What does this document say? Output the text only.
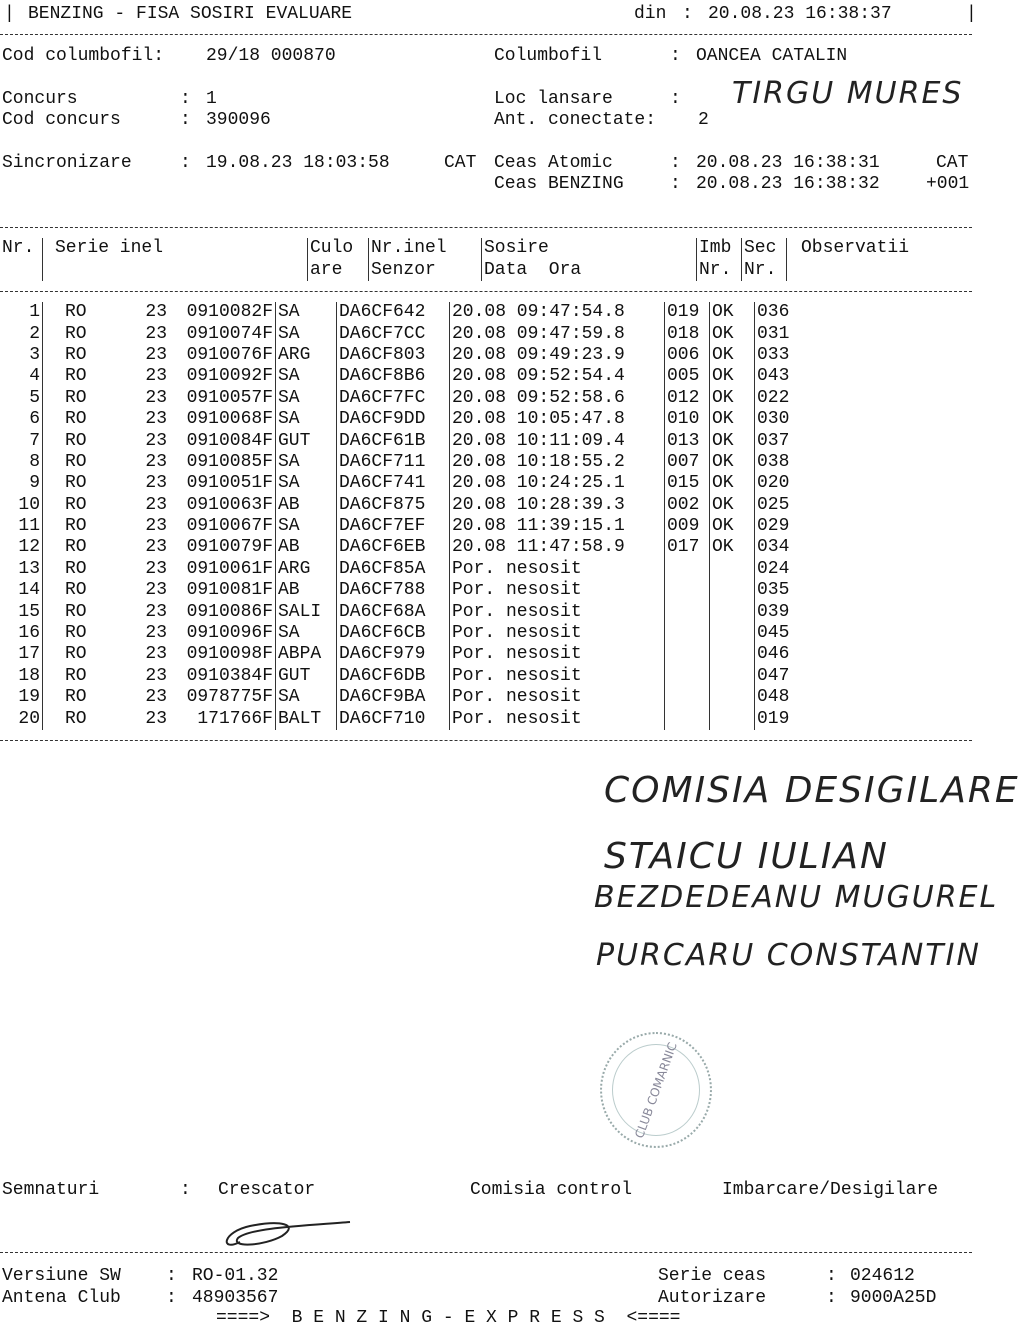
| BENZING - FISA SOSIRI EVALUARE	din : 20.08.23 16:38:37	|
Cod columbofil: 29/18 000870	Columbofil	: OANCEA CATALIN
Concurs	: 1	Loc lansare	: TIRGU MURES
Cod concurs	: 390096	Ant. conectate: 2
Sincronizare	: 19.08.23 18:03:58	CAT Ceas Atomic	: 20.08.23 16:38:31	CAT
Ceas BENZING	: 20.08.23 16:38:32	+001
Nr.	Serie inel	Culo	Nr.inel	Sosire	Imb	Sec	Observatii
		are	Senzor	Data  Ora	Nr.	Nr.	
1	RO	23	0910082F	SA	DA6CF642	20.08 09:47:54.8	019	OK	036
2	RO	23	0910074F	SA	DA6CF7CC	20.08 09:47:59.8	018	OK	031
3	RO	23	0910076F	ARG	DA6CF803	20.08 09:49:23.9	006	OK	033
4	RO	23	0910092F	SA	DA6CF8B6	20.08 09:52:54.4	005	OK	043
5	RO	23	0910057F	SA	DA6CF7FC	20.08 09:52:58.6	012	OK	022
6	RO	23	0910068F	SA	DA6CF9DD	20.08 10:05:47.8	010	OK	030
7	RO	23	0910084F	GUT	DA6CF61B	20.08 10:11:09.4	013	OK	037
8	RO	23	0910085F	SA	DA6CF711	20.08 10:18:55.2	007	OK	038
9	RO	23	0910051F	SA	DA6CF741	20.08 10:24:25.1	015	OK	020
10	RO	23	0910063F	AB	DA6CF875	20.08 10:28:39.3	002	OK	025
11	RO	23	0910067F	SA	DA6CF7EF	20.08 11:39:15.1	009	OK	029
12	RO	23	0910079F	AB	DA6CF6EB	20.08 11:47:58.9	017	OK	034
13	RO	23	0910061F	ARG	DA6CF85A	Por. nesosit			024
14	RO	23	0910081F	AB	DA6CF788	Por. nesosit			035
15	RO	23	0910086F	SALI	DA6CF68A	Por. nesosit			039
16	RO	23	0910096F	SA	DA6CF6CB	Por. nesosit			045
17	RO	23	0910098F	ABPA	DA6CF979	Por. nesosit			046
18	RO	23	0910384F	GUT	DA6CF6DB	Por. nesosit			047
19	RO	23	0978775F	SA	DA6CF9BA	Por. nesosit			048
20	RO	23	171766F	BALT	DA6CF710	Por. nesosit			019
COMISIA DESIGILARE
STAICU IULIAN
BEZDEDEANU MUGUREL
PURCARU CONSTANTIN
CLUB COMARNIC
Semnaturi	: Crescator	Comisia control	Imbarcare/Desigilare
Versiune SW	: RO-01.32	Serie ceas	: 024612
Antena Club	: 48903567	Autorizare	: 9000A25D
====>  B E N Z I N G - E X P R E S S  <====
